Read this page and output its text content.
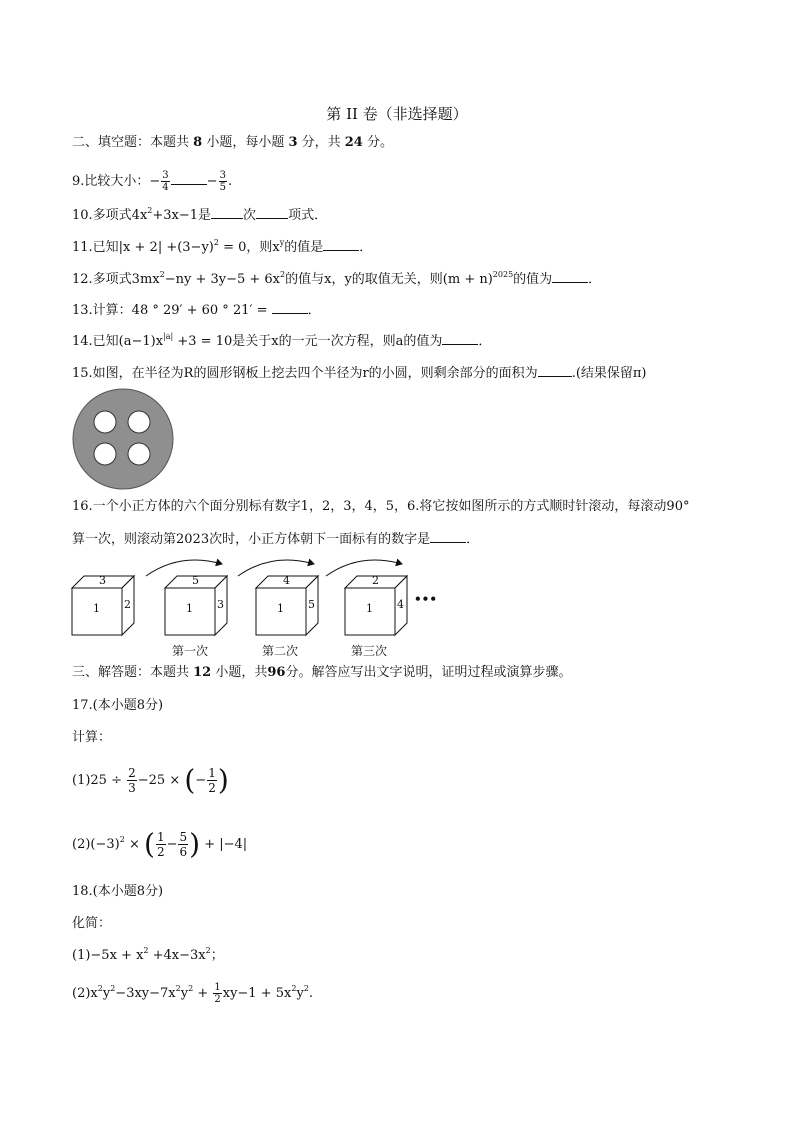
第 II 卷（非选择题）
二、填空题：本题共 8 小题，每小题 3 分，共 24 分。
9.比较大小：− $\frac{3}{4}$	− $\frac{3}{5}$ .
10.多项式$4x^2+3x-1$是 次 项式．
11.已知$|x + 2| +(3-y)^2 = 0$，则$x^y$的值是	．
12.多项式$3mx^2-ny + 3y-5 + 6x^2$的值与x，y的取值无关，则$(m + n)^{2025}$的值为	．
13.计算：48 ° 29′ + 60 ° 21′ =	．
14.已知$(a-1)x^{|a|} +3 = 10$是关于x的一元一次方程，则a的值为	．
15.如图，在半径为R的圆形钢板上挖去四个半径为r的小圆，则剩余部分的面积为	.(结果保留π)
16.一个小正方体的六个面分别标有数字1，2，3，4，5，6.将它按如图所示的方式顺时针滚动，每滚动90°
算一次，则滚动第2023次时，小正方体朝下一面标有的数字是	．
3
1 2
5
1 3
4
1 5
2
1 4 •••
第一次	第二次	第三次
三、解答题：本题共 12 小题，共96分。解答应写出文字说明，证明过程或演算步骤。
17.(本小题8分)
计算：
$(1)25 \div \frac{2}{3} -25$ × (− $\frac{1}{2}$ )
$(2)(-3)^2$ × ( $\frac{1}{2} - \frac{5}{6}$ ) + |−4|
18.(本小题8分)
化简：
$(1)-5x + x^2 +4x-3x^2$；
$(2)x^2y^2-3xy-7x^2y^2 + \frac{1}{2} xy-1 + 5x^2y^2$.
